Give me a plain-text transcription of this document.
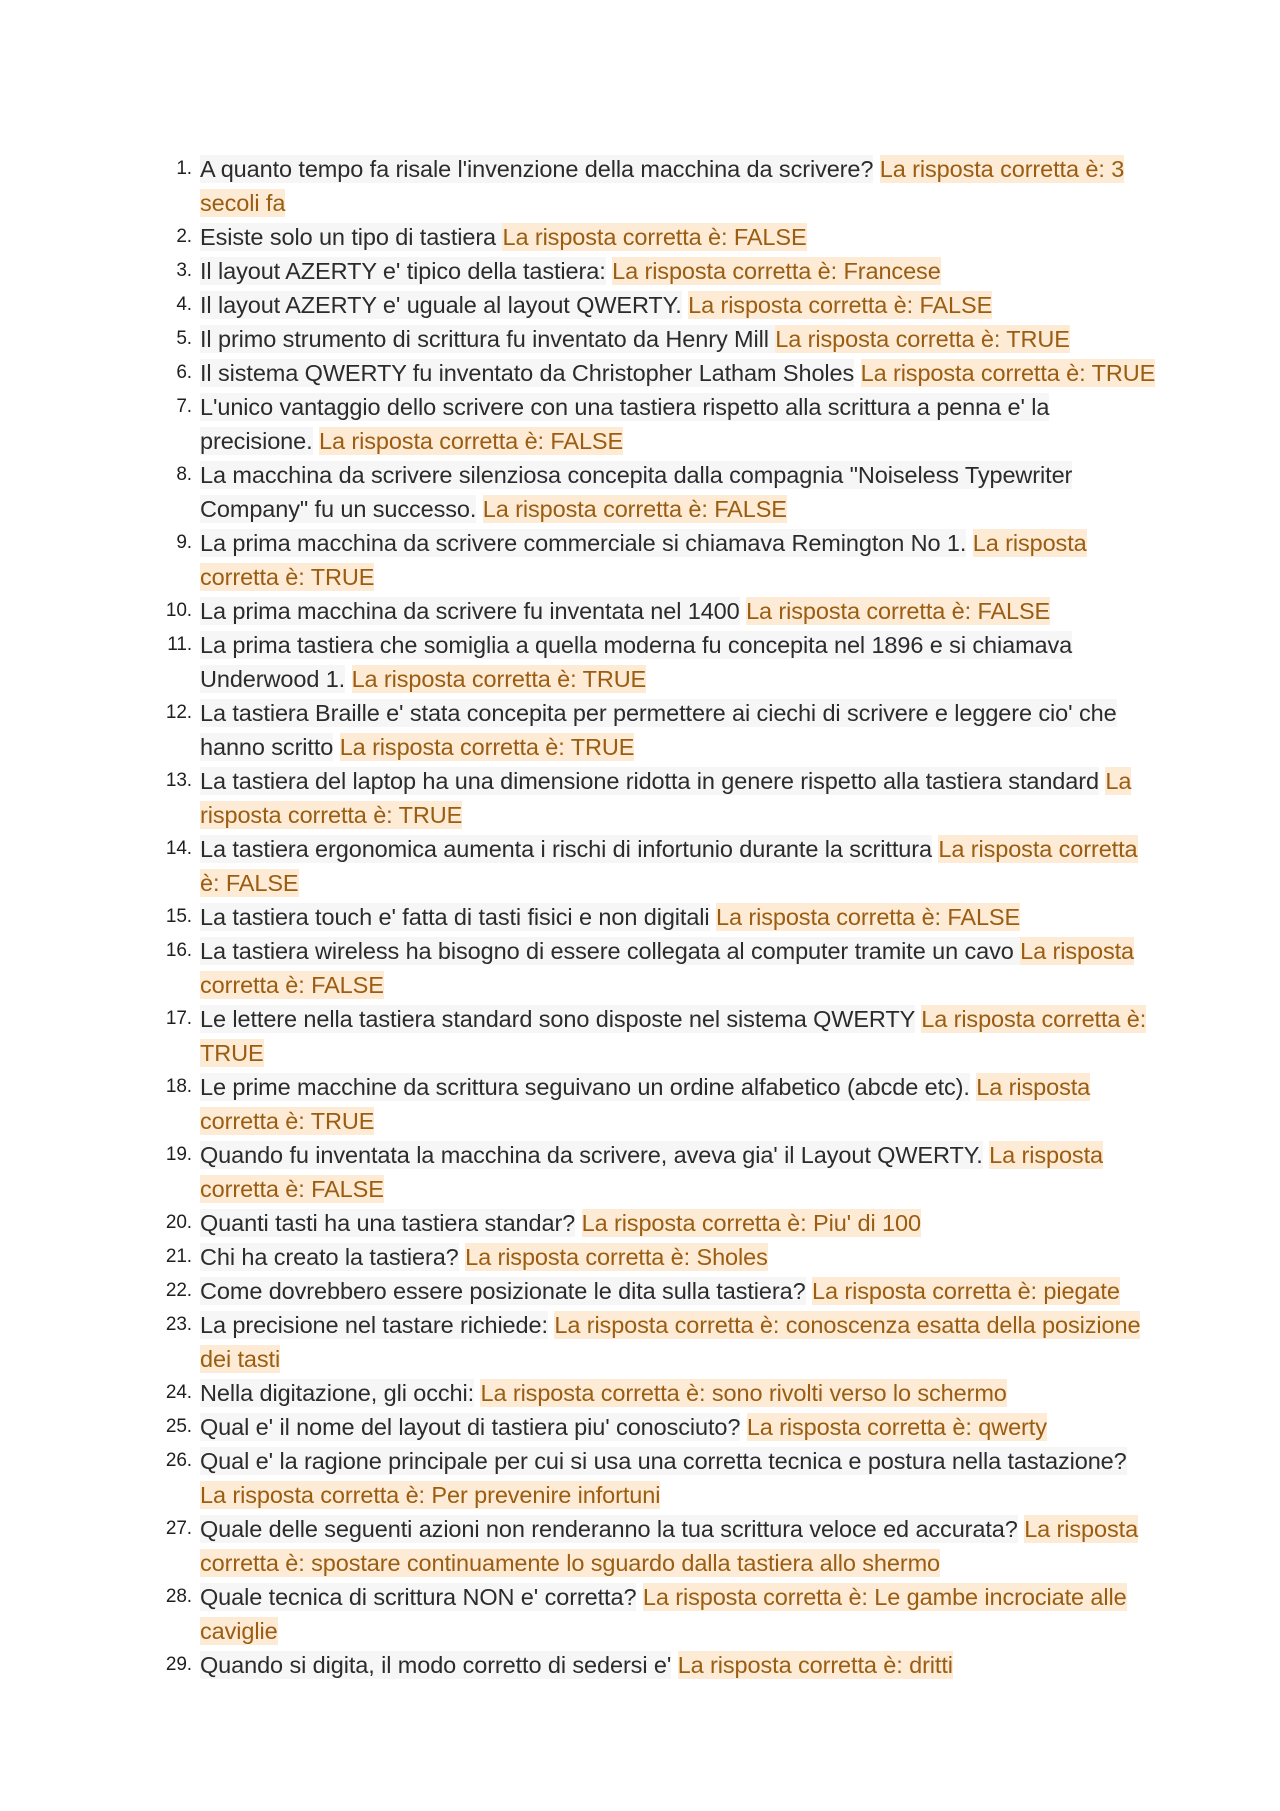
1. A quanto tempo fa risale l'invenzione della macchina da scrivere? La risposta corretta è: 3 secoli fa
2. Esiste solo un tipo di tastiera La risposta corretta è: FALSE
3. Il layout AZERTY e' tipico della tastiera: La risposta corretta è: Francese
4. Il layout AZERTY e' uguale al layout QWERTY. La risposta corretta è: FALSE
5. Il primo strumento di scrittura fu inventato da Henry Mill La risposta corretta è: TRUE
6. Il sistema QWERTY fu inventato da Christopher Latham Sholes La risposta corretta è: TRUE
7. L'unico vantaggio dello scrivere con una tastiera rispetto alla scrittura a penna e' la precisione. La risposta corretta è: FALSE
8. La macchina da scrivere silenziosa concepita dalla compagnia "Noiseless Typewriter Company" fu un successo. La risposta corretta è: FALSE
9. La prima macchina da scrivere commerciale si chiamava Remington No 1. La risposta corretta è: TRUE
10. La prima macchina da scrivere fu inventata nel 1400 La risposta corretta è: FALSE
11. La prima tastiera che somiglia a quella moderna fu concepita nel 1896 e si chiamava Underwood 1. La risposta corretta è: TRUE
12. La tastiera Braille e' stata concepita per permettere ai ciechi di scrivere e leggere cio' che hanno scritto La risposta corretta è: TRUE
13. La tastiera del laptop ha una dimensione ridotta in genere rispetto alla tastiera standard La risposta corretta è: TRUE
14. La tastiera ergonomica aumenta i rischi di infortunio durante la scrittura La risposta corretta è: FALSE
15. La tastiera touch e' fatta di tasti fisici e non digitali La risposta corretta è: FALSE
16. La tastiera wireless ha bisogno di essere collegata al computer tramite un cavo La risposta corretta è: FALSE
17. Le lettere nella tastiera standard sono disposte nel sistema QWERTY La risposta corretta è: TRUE
18. Le prime macchine da scrittura seguivano un ordine alfabetico (abcde etc). La risposta corretta è: TRUE
19. Quando fu inventata la macchina da scrivere, aveva gia' il Layout QWERTY. La risposta corretta è: FALSE
20. Quanti tasti ha una tastiera standar? La risposta corretta è: Piu' di 100
21. Chi ha creato la tastiera? La risposta corretta è: Sholes
22. Come dovrebbero essere posizionate le dita sulla tastiera? La risposta corretta è: piegate
23. La precisione nel tastare richiede: La risposta corretta è: conoscenza esatta della posizione dei tasti
24. Nella digitazione, gli occhi: La risposta corretta è: sono rivolti verso lo schermo
25. Qual e' il nome del layout di tastiera piu' conosciuto? La risposta corretta è: qwerty
26. Qual e' la ragione principale per cui si usa una corretta tecnica e postura nella tastazione? La risposta corretta è: Per prevenire infortuni
27. Quale delle seguenti azioni non renderanno la tua scrittura veloce ed accurata? La risposta corretta è: spostare continuamente lo sguardo dalla tastiera allo shermo
28. Quale tecnica di scrittura NON e' corretta? La risposta corretta è: Le gambe incrociate alle caviglie
29. Quando si digita, il modo corretto di sedersi e' La risposta corretta è: dritti
